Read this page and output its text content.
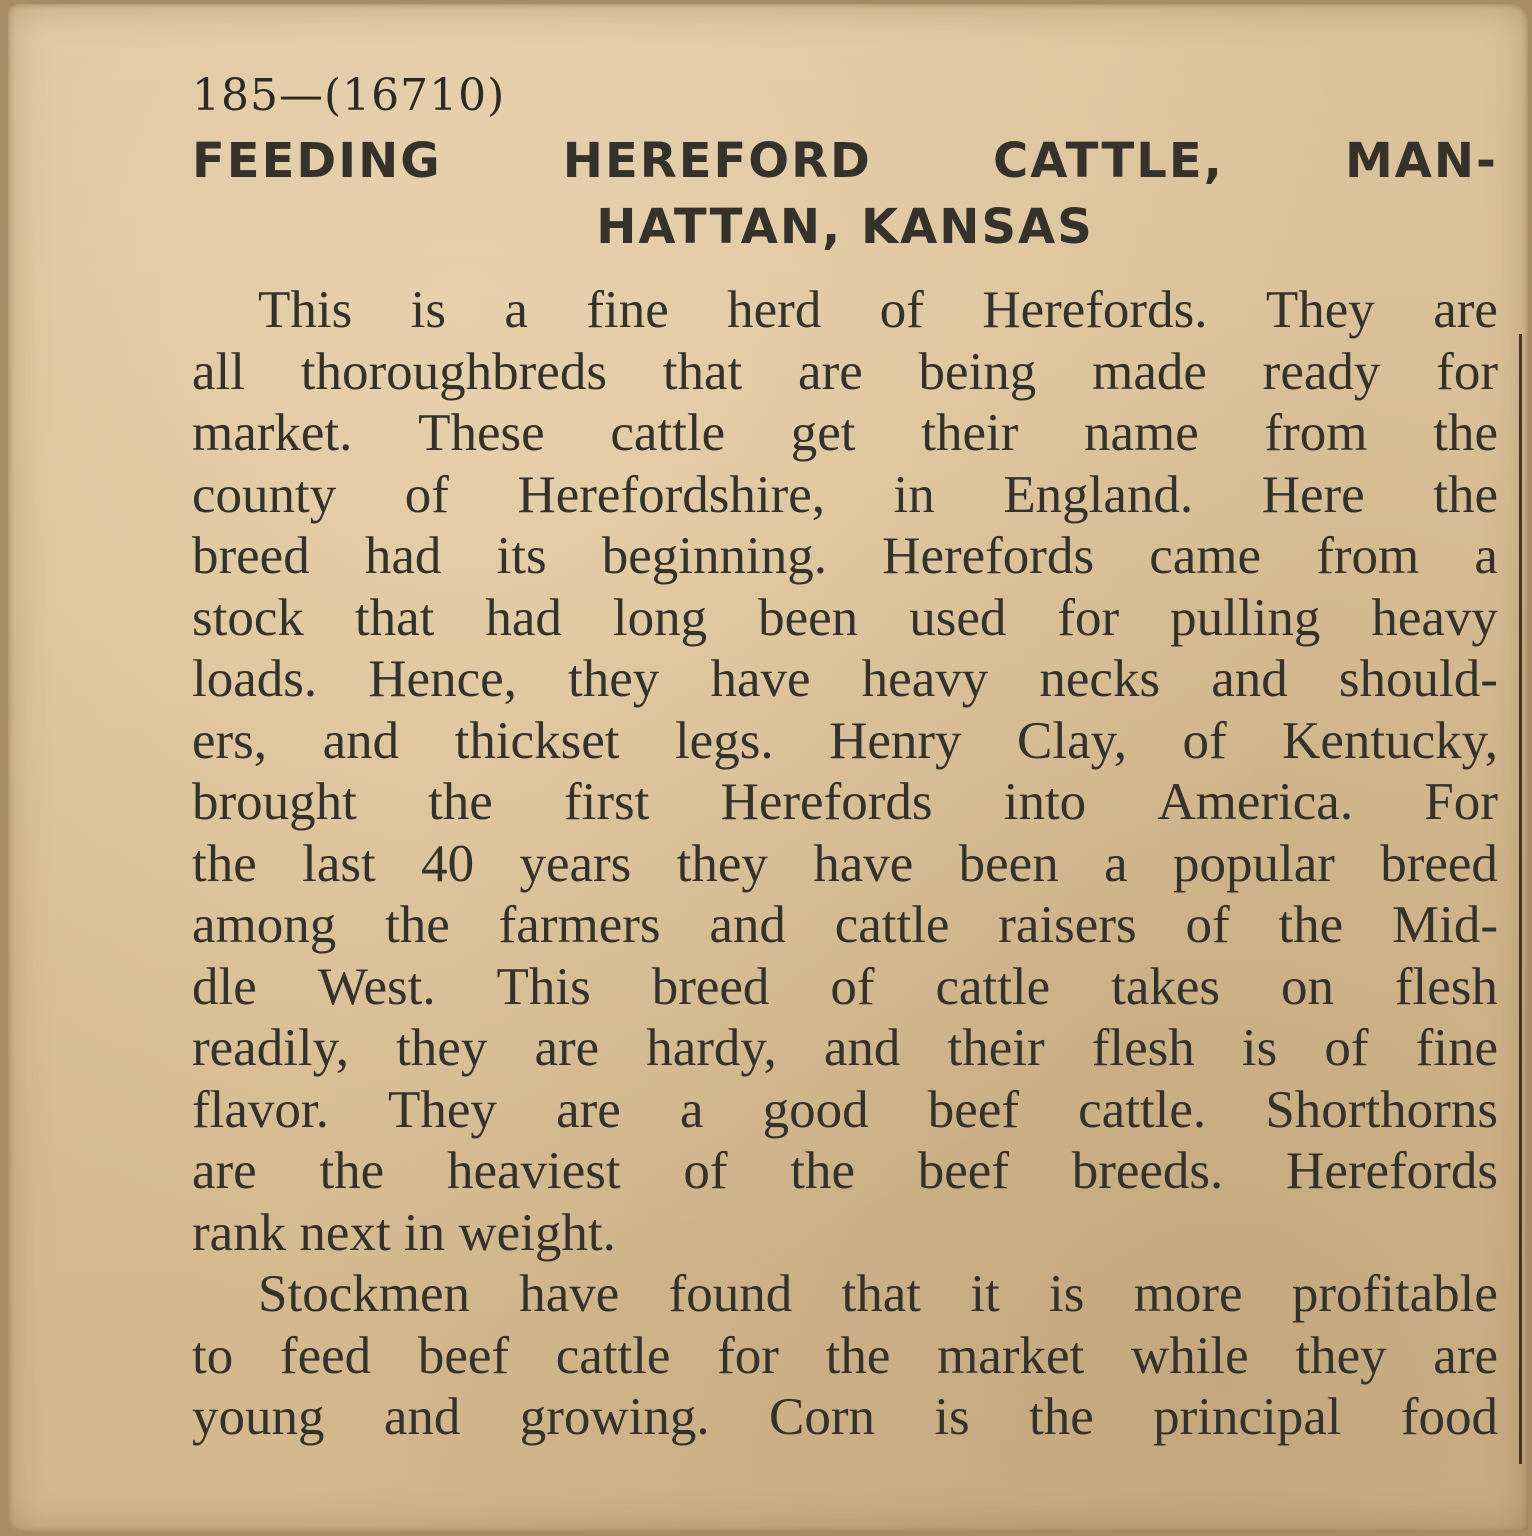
185—(16710)
FEEDING	HEREFORD	CATTLE,	MAN-
HATTAN, KANSAS

This is a fine herd of Herefords. They are
all thoroughbreds that are being made ready for
market. These cattle get their name from the
county of Herefordshire, in England. Here the
breed had its beginning. Herefords came from a
stock that had long been used for pulling heavy
loads. Hence, they have heavy necks and should-
ers, and thickset legs. Henry Clay, of Kentucky,
brought the first Herefords into America. For
the last 40 years they have been a popular breed
among the farmers and cattle raisers of the Mid-
dle West. This breed of cattle takes on flesh
readily, they are hardy, and their flesh is of fine
flavor. They are a good beef cattle. Shorthorns
are the heaviest of the beef breeds. Herefords
rank next in weight.

Stockmen have found that it is more profitable
to feed beef cattle for the market while they are
young and growing. Corn is the principal food
